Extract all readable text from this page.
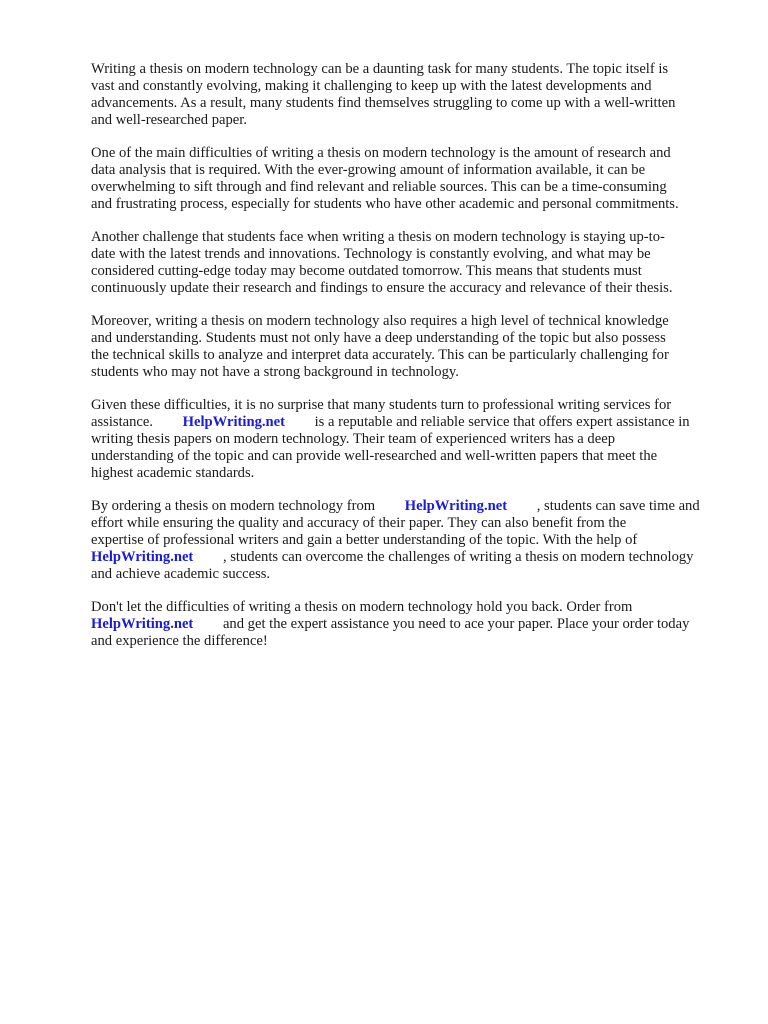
Writing a thesis on modern technology can be a daunting task for many students. The topic itself is
vast and constantly evolving, making it challenging to keep up with the latest developments and
advancements. As a result, many students find themselves struggling to come up with a well-written
and well-researched paper.

One of the main difficulties of writing a thesis on modern technology is the amount of research and
data analysis that is required. With the ever-growing amount of information available, it can be
overwhelming to sift through and find relevant and reliable sources. This can be a time-consuming
and frustrating process, especially for students who have other academic and personal commitments.

Another challenge that students face when writing a thesis on modern technology is staying up-to-
date with the latest trends and innovations. Technology is constantly evolving, and what may be
considered cutting-edge today may become outdated tomorrow. This means that students must
continuously update their research and findings to ensure the accuracy and relevance of their thesis.

Moreover, writing a thesis on modern technology also requires a high level of technical knowledge
and understanding. Students must not only have a deep understanding of the topic but also possess
the technical skills to analyze and interpret data accurately. This can be particularly challenging for
students who may not have a strong background in technology.

Given these difficulties, it is no surprise that many students turn to professional writing services for
assistance. HelpWriting.net is a reputable and reliable service that offers expert assistance in
writing thesis papers on modern technology. Their team of experienced writers has a deep
understanding of the topic and can provide well-researched and well-written papers that meet the
highest academic standards.

By ordering a thesis on modern technology from HelpWriting.net , students can save time and
effort while ensuring the quality and accuracy of their paper. They can also benefit from the
expertise of professional writers and gain a better understanding of the topic. With the help of
HelpWriting.net , students can overcome the challenges of writing a thesis on modern technology
and achieve academic success.

Don't let the difficulties of writing a thesis on modern technology hold you back. Order from
HelpWriting.net and get the expert assistance you need to ace your paper. Place your order today
and experience the difference!
